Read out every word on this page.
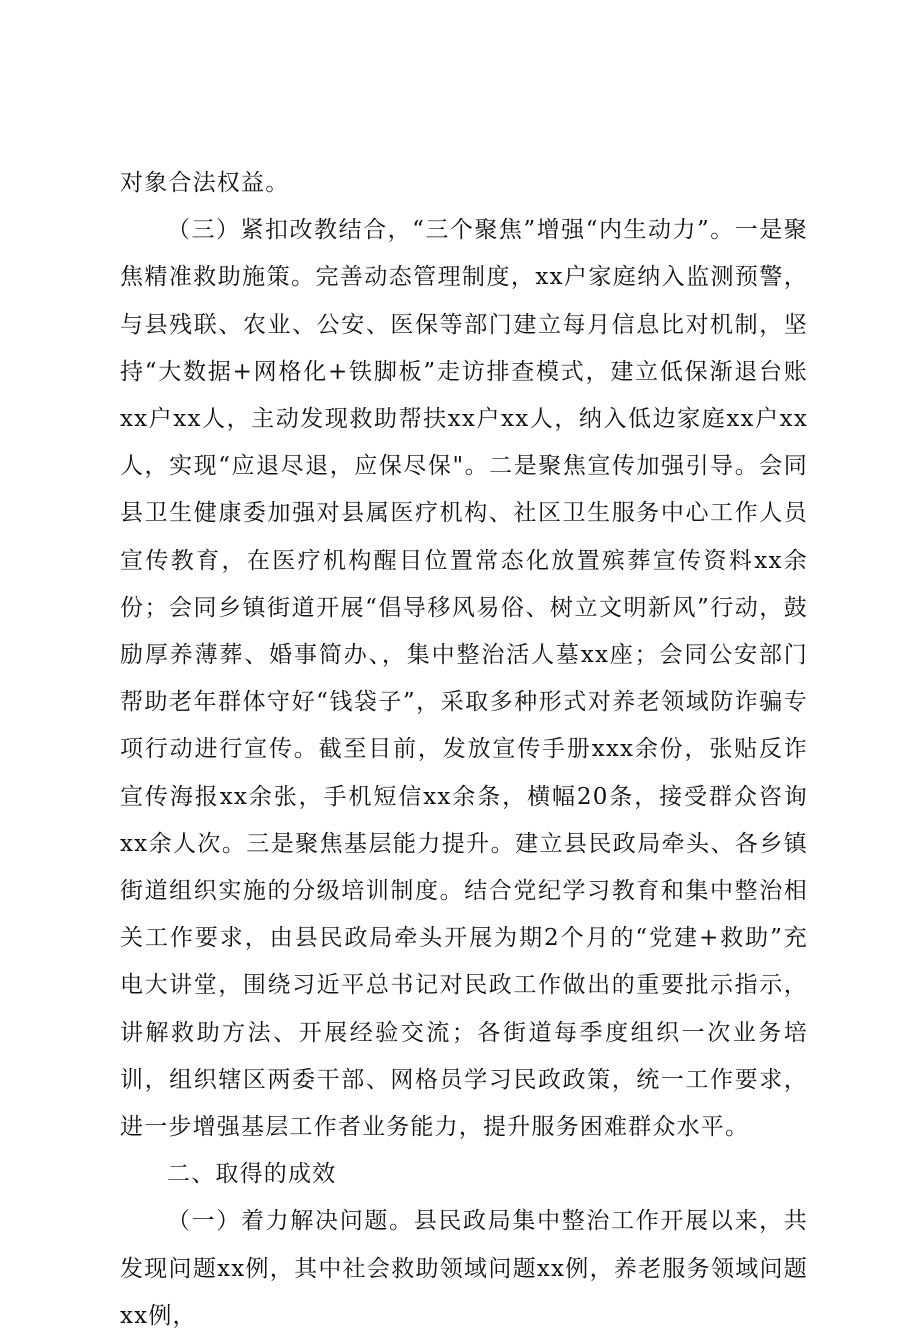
对象合法权益。

（三）紧扣改教结合，“三个聚焦”增强“内生动力”。一是聚焦精准救助施策。完善动态管理制度，xx户家庭纳入监测预警，与县残联、农业、公安、医保等部门建立每月信息比对机制，坚持“大数据+网格化+铁脚板”走访排查模式，建立低保渐退台账xx户xx人，主动发现救助帮扶xx户xx人，纳入低边家庭xx户xx人，实现“应退尽退，应保尽保"。二是聚焦宣传加强引导。会同县卫生健康委加强对县属医疗机构、社区卫生服务中心工作人员宣传教育，在医疗机构醒目位置常态化放置殡葬宣传资料xx余份；会同乡镇街道开展“倡导移风易俗、树立文明新风”行动，鼓励厚养薄葬、婚事简办、，集中整治活人墓xx座；会同公安部门帮助老年群体守好“钱袋子”，采取多种形式对养老领域防诈骗专项行动进行宣传。截至目前，发放宣传手册xxx余份，张贴反诈宣传海报xx余张，手机短信xx余条，横幅20条，接受群众咨询xx余人次。三是聚焦基层能力提升。建立县民政局牵头、各乡镇街道组织实施的分级培训制度。结合党纪学习教育和集中整治相关工作要求，由县民政局牵头开展为期2个月的“党建+救助”充电大讲堂，围绕习近平总书记对民政工作做出的重要批示指示，讲解救助方法、开展经验交流；各街道每季度组织一次业务培训，组织辖区两委干部、网格员学习民政政策，统一工作要求，进一步增强基层工作者业务能力，提升服务困难群众水平。

二、取得的成效

（一）着力解决问题。县民政局集中整治工作开展以来，共发现问题xx例，其中社会救助领域问题xx例，养老服务领域问题xx例，
